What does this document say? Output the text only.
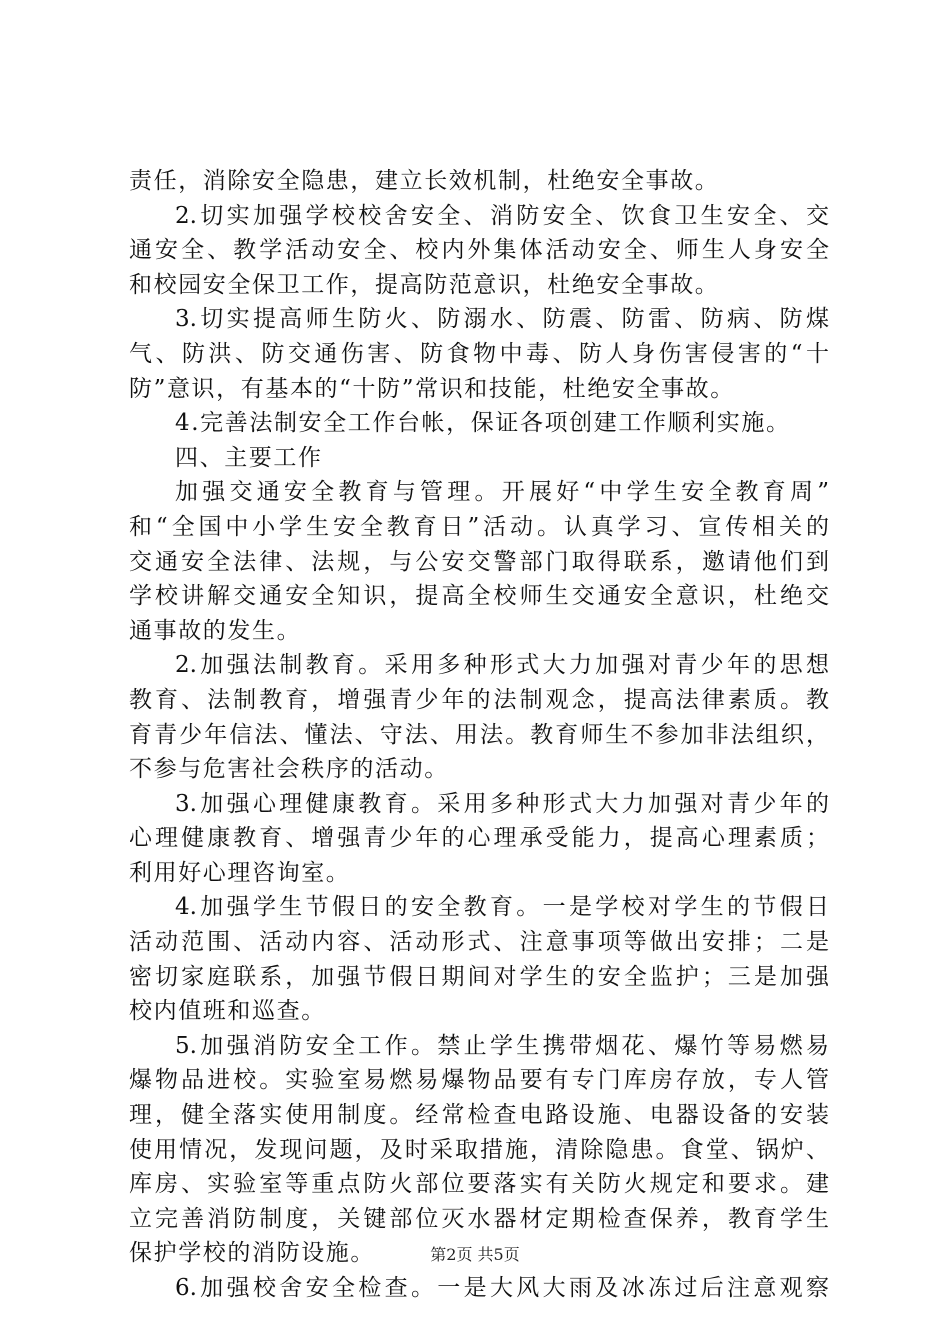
责任，消除安全隐患，建立长效机制，杜绝安全事故。
2.切实加强学校校舍安全、消防安全、饮食卫生安全、交
通安全、教学活动安全、校内外集体活动安全、师生人身安全
和校园安全保卫工作，提高防范意识，杜绝安全事故。
3.切实提高师生防火、防溺水、防震、防雷、防病、防煤
气、防洪、防交通伤害、防食物中毒、防人身伤害侵害的“十
防”意识，有基本的“十防”常识和技能，杜绝安全事故。
4.完善法制安全工作台帐，保证各项创建工作顺利实施。
四、主要工作
加强交通安全教育与管理。开展好“中学生安全教育周”
和“全国中小学生安全教育日”活动。认真学习、宣传相关的
交通安全法律、法规，与公安交警部门取得联系，邀请他们到
学校讲解交通安全知识，提高全校师生交通安全意识，杜绝交
通事故的发生。
2.加强法制教育。采用多种形式大力加强对青少年的思想
教育、法制教育，增强青少年的法制观念，提高法律素质。教
育青少年信法、懂法、守法、用法。教育师生不参加非法组织，
不参与危害社会秩序的活动。
3.加强心理健康教育。采用多种形式大力加强对青少年的
心理健康教育、增强青少年的心理承受能力，提高心理素质；
利用好心理咨询室。
4.加强学生节假日的安全教育。一是学校对学生的节假日
活动范围、活动内容、活动形式、注意事项等做出安排；二是
密切家庭联系，加强节假日期间对学生的安全监护；三是加强
校内值班和巡查。
5.加强消防安全工作。禁止学生携带烟花、爆竹等易燃易
爆物品进校。实验室易燃易爆物品要有专门库房存放，专人管
理，健全落实使用制度。经常检查电路设施、电器设备的安装
使用情况，发现问题，及时采取措施，清除隐患。食堂、锅炉、
库房、实验室等重点防火部位要落实有关防火规定和要求。建
立完善消防制度，关键部位灭水器材定期检查保养，教育学生
保护学校的消防设施。
6.加强校舍安全检查。一是大风大雨及冰冻过后注意观察
第2页 共5页
